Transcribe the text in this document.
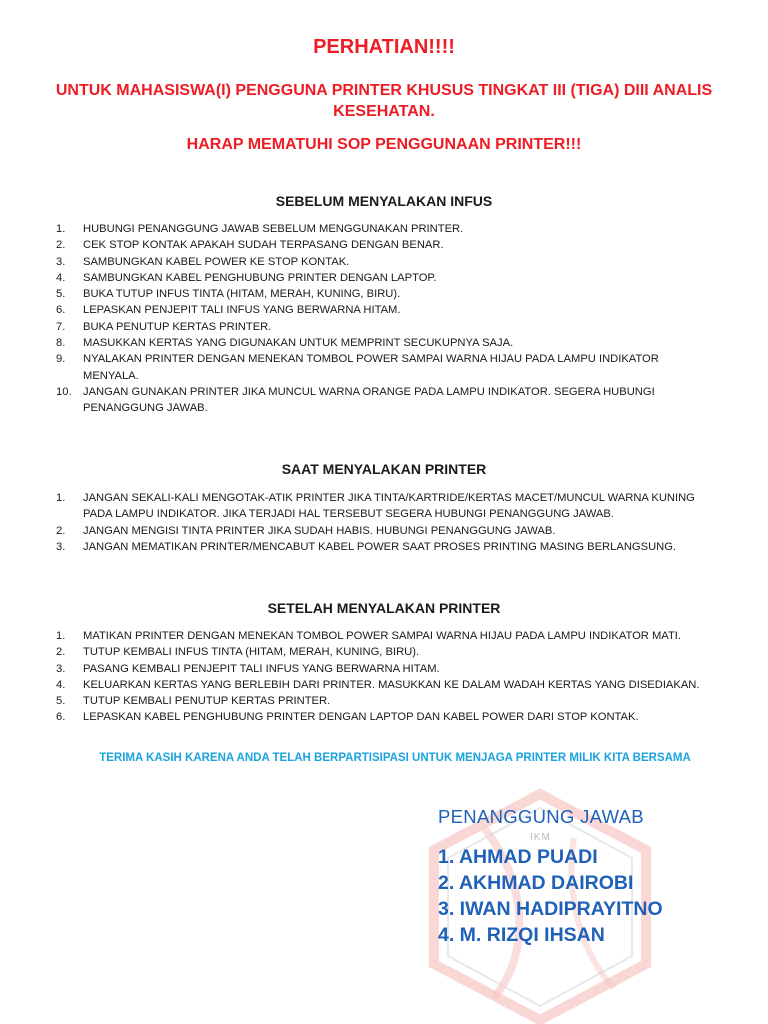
IKM
PERHATIAN!!!!

UNTUK MAHASISWA(I) PENGGUNA PRINTER KHUSUS TINGKAT III (TIGA) DIII ANALIS KESEHATAN.

HARAP MEMATUHI SOP PENGGUNAAN PRINTER!!!

SEBELUM MENYALAKAN INFUS
1.	HUBUNGI PENANGGUNG JAWAB SEBELUM MENGGUNAKAN PRINTER.
2.	CEK STOP KONTAK APAKAH SUDAH TERPASANG DENGAN BENAR.
3.	SAMBUNGKAN KABEL POWER KE STOP KONTAK.
4.	SAMBUNGKAN KABEL PENGHUBUNG PRINTER DENGAN LAPTOP.
5.	BUKA TUTUP INFUS TINTA (HITAM, MERAH, KUNING, BIRU).
6.	LEPASKAN PENJEPIT TALI INFUS YANG BERWARNA HITAM.
7.	BUKA PENUTUP KERTAS PRINTER.
8.	MASUKKAN KERTAS YANG DIGUNAKAN UNTUK MEMPRINT SECUKUPNYA SAJA.
9.	NYALAKAN PRINTER DENGAN MENEKAN TOMBOL POWER SAMPAI WARNA HIJAU PADA LAMPU INDIKATOR MENYALA.
10.	JANGAN GUNAKAN PRINTER JIKA MUNCUL WARNA ORANGE PADA LAMPU INDIKATOR. SEGERA HUBUNGI PENANGGUNG JAWAB.
SAAT MENYALAKAN PRINTER
1.	JANGAN SEKALI-KALI MENGOTAK-ATIK PRINTER JIKA TINTA/KARTRIDE/KERTAS MACET/MUNCUL WARNA KUNING PADA LAMPU INDIKATOR. JIKA TERJADI HAL TERSEBUT SEGERA HUBUNGI PENANGGUNG JAWAB.
2.	JANGAN MENGISI TINTA PRINTER JIKA SUDAH HABIS. HUBUNGI PENANGGUNG JAWAB.
3.	JANGAN MEMATIKAN PRINTER/MENCABUT KABEL POWER SAAT PROSES PRINTING MASING BERLANGSUNG.
SETELAH MENYALAKAN PRINTER
1.	MATIKAN PRINTER DENGAN MENEKAN TOMBOL POWER SAMPAI WARNA HIJAU PADA LAMPU INDIKATOR MATI.
2.	TUTUP KEMBALI INFUS TINTA (HITAM, MERAH, KUNING, BIRU).
3.	PASANG KEMBALI PENJEPIT TALI INFUS YANG BERWARNA HITAM.
4.	KELUARKAN KERTAS YANG BERLEBIH DARI PRINTER. MASUKKAN KE DALAM WADAH KERTAS YANG DISEDIAKAN.
5.	TUTUP KEMBALI PENUTUP KERTAS PRINTER.
6.	LEPASKAN KABEL PENGHUBUNG PRINTER DENGAN LAPTOP DAN KABEL POWER DARI STOP KONTAK.
TERIMA KASIH KARENA ANDA TELAH BERPARTISIPASI UNTUK MENJAGA PRINTER MILIK KITA BERSAMA

PENANGGUNG JAWAB

1. AHMAD PUADI

2. AKHMAD DAIROBI

3. IWAN HADIPRAYITNO

4. M. RIZQI IHSAN
